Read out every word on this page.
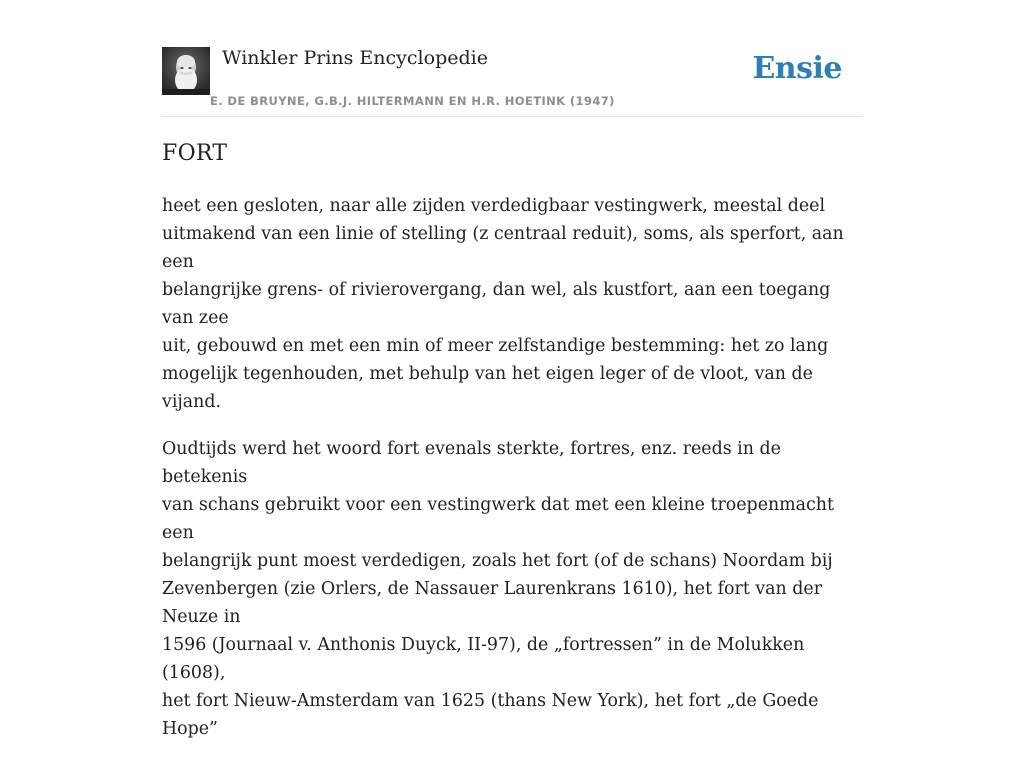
Winkler Prins Encyclopedie
E. DE BRUYNE, G.B.J. HILTERMANN EN H.R. HOETINK (1947)
Ensie
FORT

heet een gesloten, naar alle zijden verdedigbaar vestingwerk, meestal deel
uitmakend van een linie of stelling (z centraal reduit), soms, als sperfort, aan een
belangrijke grens- of rivierovergang, dan wel, als kustfort, aan een toegang van zee
uit, gebouwd en met een min of meer zelfstandige bestemming: het zo lang
mogelijk tegenhouden, met behulp van het eigen leger of de vloot, van de vijand.

Oudtijds werd het woord fort evenals sterkte, fortres, enz. reeds in de betekenis
van schans gebruikt voor een vestingwerk dat met een kleine troepenmacht een
belangrijk punt moest verdedigen, zoals het fort (of de schans) Noordam bij
Zevenbergen (zie Orlers, de Nassauer Laurenkrans 1610), het fort van der Neuze in
1596 (Journaal v. Anthonis Duyck, II-97), de „fortressen” in de Molukken (1608),
het fort Nieuw-Amsterdam van 1625 (thans New York), het fort „de Goede Hope”
